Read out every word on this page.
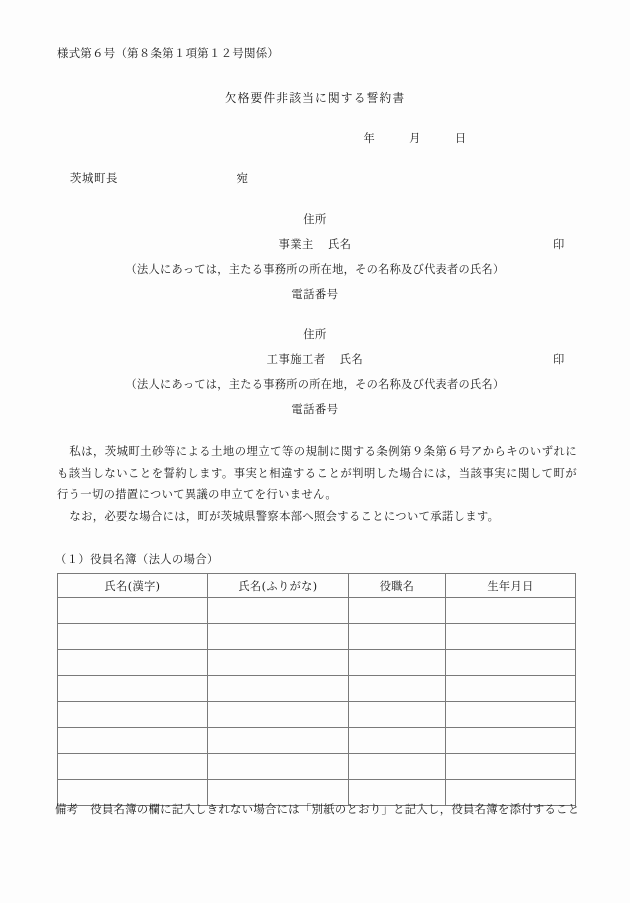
様式第６号（第８条第１項第１２号関係）
欠格要件非該当に関する誓約書
年	月	日
茨城町長	宛
住所
事業主 氏名	印
（法人にあっては，主たる事務所の所在地，その名称及び代表者の氏名）
電話番号
住所
工事施工者 氏名	印
（法人にあっては，主たる事務所の所在地，その名称及び代表者の氏名）
電話番号

私は，茨城町土砂等による土地の埋立て等の規制に関する条例第９条第６号アからキのいずれにも該当しないことを誓約します。事実と相違することが判明した場合には，当該事実に関して町が行う一切の措置について異議の申立てを行いません。

なお，必要な場合には，町が茨城県警察本部へ照会することについて承諾します。

（１）役員名簿（法人の場合）
氏名(漢字)	氏名(ふりがな)	役職名	生年月日

備考 役員名簿の欄に記入しきれない場合には「別紙のとおり」と記入し，役員名簿を添付すること
